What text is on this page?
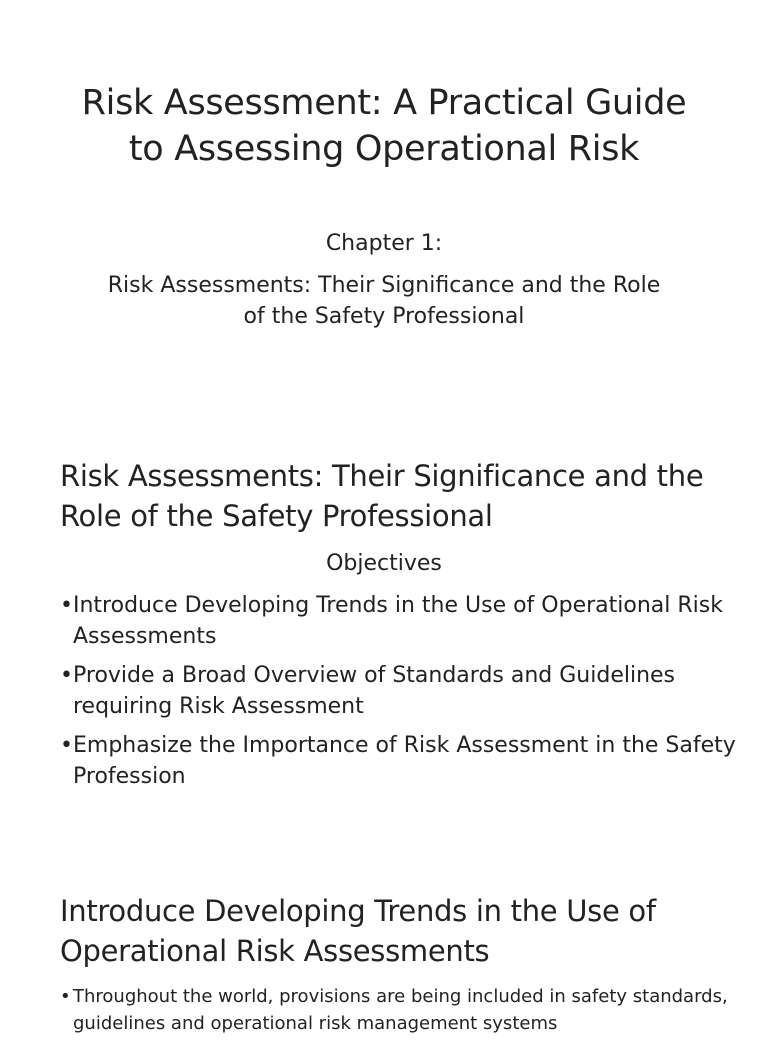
Risk Assessment: A Practical Guide to Assessing Operational Risk
Chapter 1:
Risk Assessments: Their Significance and the Role of the Safety Professional
Risk Assessments: Their Significance and the Role of the Safety Professional
Objectives
• Introduce Developing Trends in the Use of Operational Risk Assessments
• Provide a Broad Overview of Standards and Guidelines requiring Risk Assessment
• Emphasize the Importance of Risk Assessment in the Safety Profession
Introduce Developing Trends in the Use of Operational Risk Assessments
• Throughout the world, provisions are being included in safety standards, guidelines and operational risk management systems
